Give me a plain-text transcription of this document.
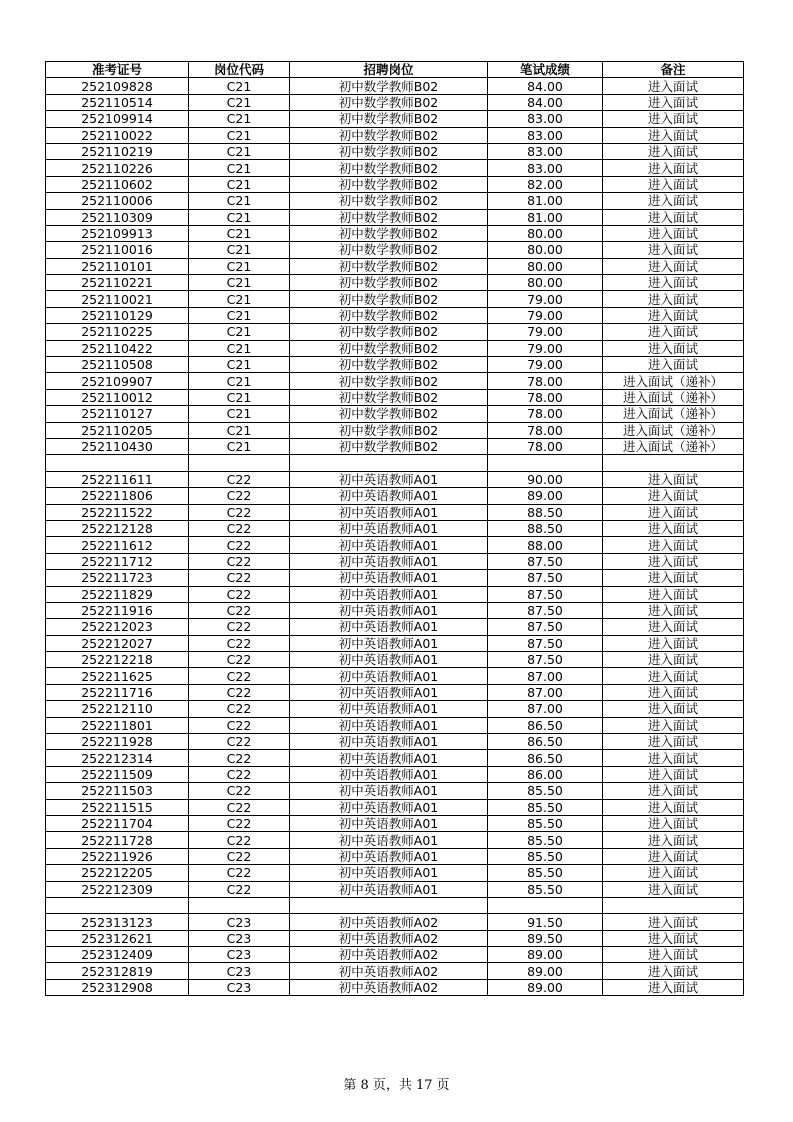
准考证号	岗位代码	招聘岗位	笔试成绩	备注
252109828	C21	初中数学教师B02	84.00	进入面试
252110514	C21	初中数学教师B02	84.00	进入面试
252109914	C21	初中数学教师B02	83.00	进入面试
252110022	C21	初中数学教师B02	83.00	进入面试
252110219	C21	初中数学教师B02	83.00	进入面试
252110226	C21	初中数学教师B02	83.00	进入面试
252110602	C21	初中数学教师B02	82.00	进入面试
252110006	C21	初中数学教师B02	81.00	进入面试
252110309	C21	初中数学教师B02	81.00	进入面试
252109913	C21	初中数学教师B02	80.00	进入面试
252110016	C21	初中数学教师B02	80.00	进入面试
252110101	C21	初中数学教师B02	80.00	进入面试
252110221	C21	初中数学教师B02	80.00	进入面试
252110021	C21	初中数学教师B02	79.00	进入面试
252110129	C21	初中数学教师B02	79.00	进入面试
252110225	C21	初中数学教师B02	79.00	进入面试
252110422	C21	初中数学教师B02	79.00	进入面试
252110508	C21	初中数学教师B02	79.00	进入面试
252109907	C21	初中数学教师B02	78.00	进入面试（递补）
252110012	C21	初中数学教师B02	78.00	进入面试（递补）
252110127	C21	初中数学教师B02	78.00	进入面试（递补）
252110205	C21	初中数学教师B02	78.00	进入面试（递补）
252110430	C21	初中数学教师B02	78.00	进入面试（递补）

252211611	C22	初中英语教师A01	90.00	进入面试
252211806	C22	初中英语教师A01	89.00	进入面试
252211522	C22	初中英语教师A01	88.50	进入面试
252212128	C22	初中英语教师A01	88.50	进入面试
252211612	C22	初中英语教师A01	88.00	进入面试
252211712	C22	初中英语教师A01	87.50	进入面试
252211723	C22	初中英语教师A01	87.50	进入面试
252211829	C22	初中英语教师A01	87.50	进入面试
252211916	C22	初中英语教师A01	87.50	进入面试
252212023	C22	初中英语教师A01	87.50	进入面试
252212027	C22	初中英语教师A01	87.50	进入面试
252212218	C22	初中英语教师A01	87.50	进入面试
252211625	C22	初中英语教师A01	87.00	进入面试
252211716	C22	初中英语教师A01	87.00	进入面试
252212110	C22	初中英语教师A01	87.00	进入面试
252211801	C22	初中英语教师A01	86.50	进入面试
252211928	C22	初中英语教师A01	86.50	进入面试
252212314	C22	初中英语教师A01	86.50	进入面试
252211509	C22	初中英语教师A01	86.00	进入面试
252211503	C22	初中英语教师A01	85.50	进入面试
252211515	C22	初中英语教师A01	85.50	进入面试
252211704	C22	初中英语教师A01	85.50	进入面试
252211728	C22	初中英语教师A01	85.50	进入面试
252211926	C22	初中英语教师A01	85.50	进入面试
252212205	C22	初中英语教师A01	85.50	进入面试
252212309	C22	初中英语教师A01	85.50	进入面试

252313123	C23	初中英语教师A02	91.50	进入面试
252312621	C23	初中英语教师A02	89.50	进入面试
252312409	C23	初中英语教师A02	89.00	进入面试
252312819	C23	初中英语教师A02	89.00	进入面试
252312908	C23	初中英语教师A02	89.00	进入面试
第 8 页，共 17 页
